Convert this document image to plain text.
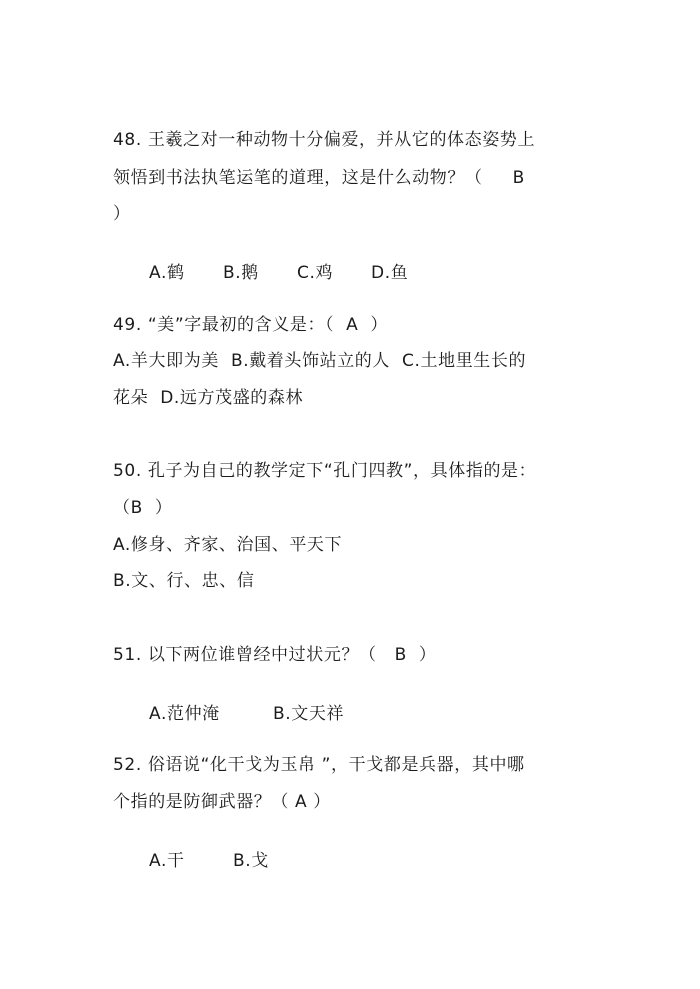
48. 王羲之对一种动物十分偏爱，并从它的体态姿势上
领悟到书法执笔运笔的道理，这是什么动物？（     B
）

A.鹤 B.鹅 C.鸡 D.鱼

49. “美”字最初的含义是：（  A  ）
A.羊大即为美  B.戴着头饰站立的人  C.土地里生长的
花朵  D.远方茂盛的森林
50. 孔子为自己的教学定下“孔门四教”，具体指的是：
（B  ）
A.修身、齐家、治国、平天下
B.文、行、忠、信
51. 以下两位谁曾经中过状元？（   B  ）

A.范仲淹	B.文天祥

52. 俗语说“化干戈为玉帛 ”，干戈都是兵器，其中哪
个指的是防御武器？（ A ）

A.干	B.戈
